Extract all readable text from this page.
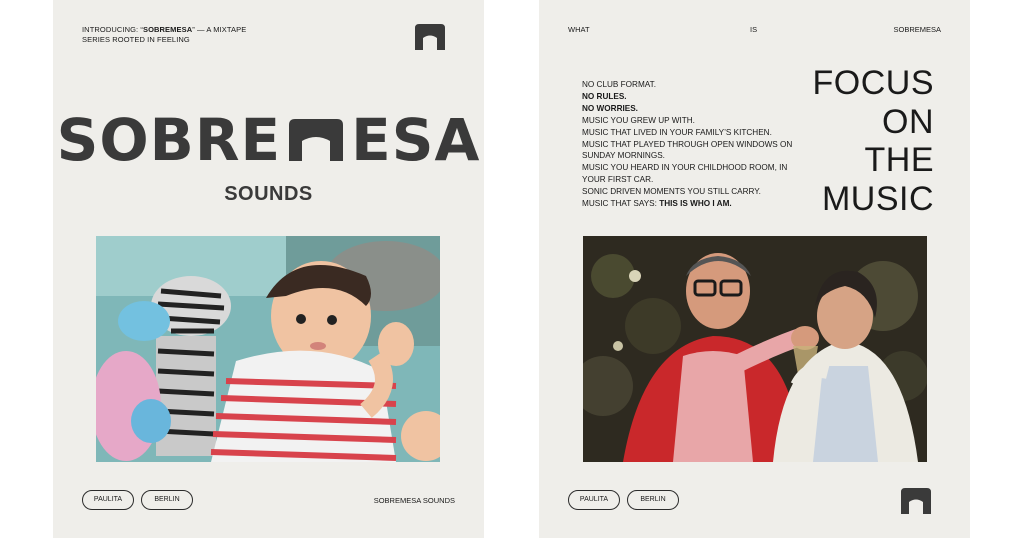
INTRODUCING: “SOBREMESA” — A MIXTAPE SERIES ROOTED IN FEELING
SOBRE ESA
SOUNDS
PAULITA	BERLIN	SOBREMESA SOUNDS
WHAT	IS	SOBREMESA
NO CLUB FORMAT.
NO RULES.
NO WORRIES.
MUSIC YOU GREW UP WITH.
MUSIC THAT LIVED IN YOUR FAMILY’S KITCHEN.
MUSIC THAT PLAYED THROUGH OPEN WINDOWS ON SUNDAY MORNINGS.
MUSIC YOU HEARD IN YOUR CHILDHOOD ROOM, IN YOUR FIRST CAR.
SONIC DRIVEN MOMENTS YOU STILL CARRY.
MUSIC THAT SAYS: THIS IS WHO I AM.
FOCUS
ON
THE
MUSIC
PAULITA	BERLIN
